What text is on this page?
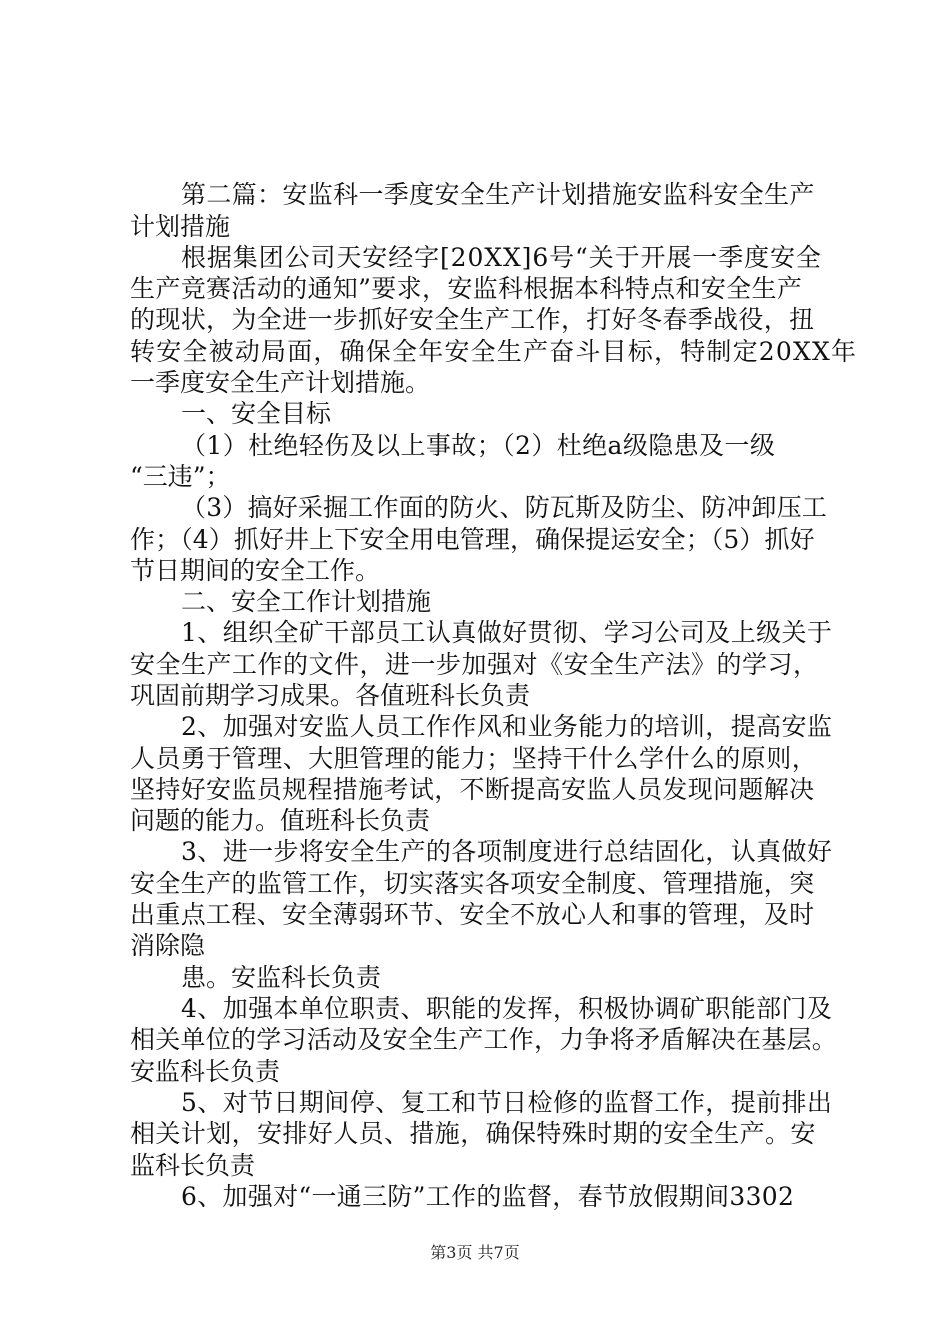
第二篇：安监科一季度安全生产计划措施安监科安全生产
计划措施
根据集团公司天安经字[20XX]6号“关于开展一季度安全
生产竞赛活动的通知”要求，安监科根据本科特点和安全生产
的现状，为全进一步抓好安全生产工作，打好冬春季战役，扭
转安全被动局面，确保全年安全生产奋斗目标，特制定20XX年
一季度安全生产计划措施。
一、安全目标
（1）杜绝轻伤及以上事故；（2）杜绝a级隐患及一级
“三违”；
（3）搞好采掘工作面的防火、防瓦斯及防尘、防冲卸压工
作；（4）抓好井上下安全用电管理，确保提运安全；（5）抓好
节日期间的安全工作。
二、安全工作计划措施
1、组织全矿干部员工认真做好贯彻、学习公司及上级关于
安全生产工作的文件，进一步加强对《安全生产法》的学习，
巩固前期学习成果。各值班科长负责
2、加强对安监人员工作作风和业务能力的培训，提高安监
人员勇于管理、大胆管理的能力；坚持干什么学什么的原则，
坚持好安监员规程措施考试，不断提高安监人员发现问题解决
问题的能力。值班科长负责
3、进一步将安全生产的各项制度进行总结固化，认真做好
安全生产的监管工作，切实落实各项安全制度、管理措施，突
出重点工程、安全薄弱环节、安全不放心人和事的管理，及时
消除隐
患。安监科长负责
4、加强本单位职责、职能的发挥，积极协调矿职能部门及
相关单位的学习活动及安全生产工作，力争将矛盾解决在基层。
安监科长负责
5、对节日期间停、复工和节日检修的监督工作，提前排出
相关计划，安排好人员、措施，确保特殊时期的安全生产。安
监科长负责
6、加强对“一通三防”工作的监督，春节放假期间3302
第3页 共7页
